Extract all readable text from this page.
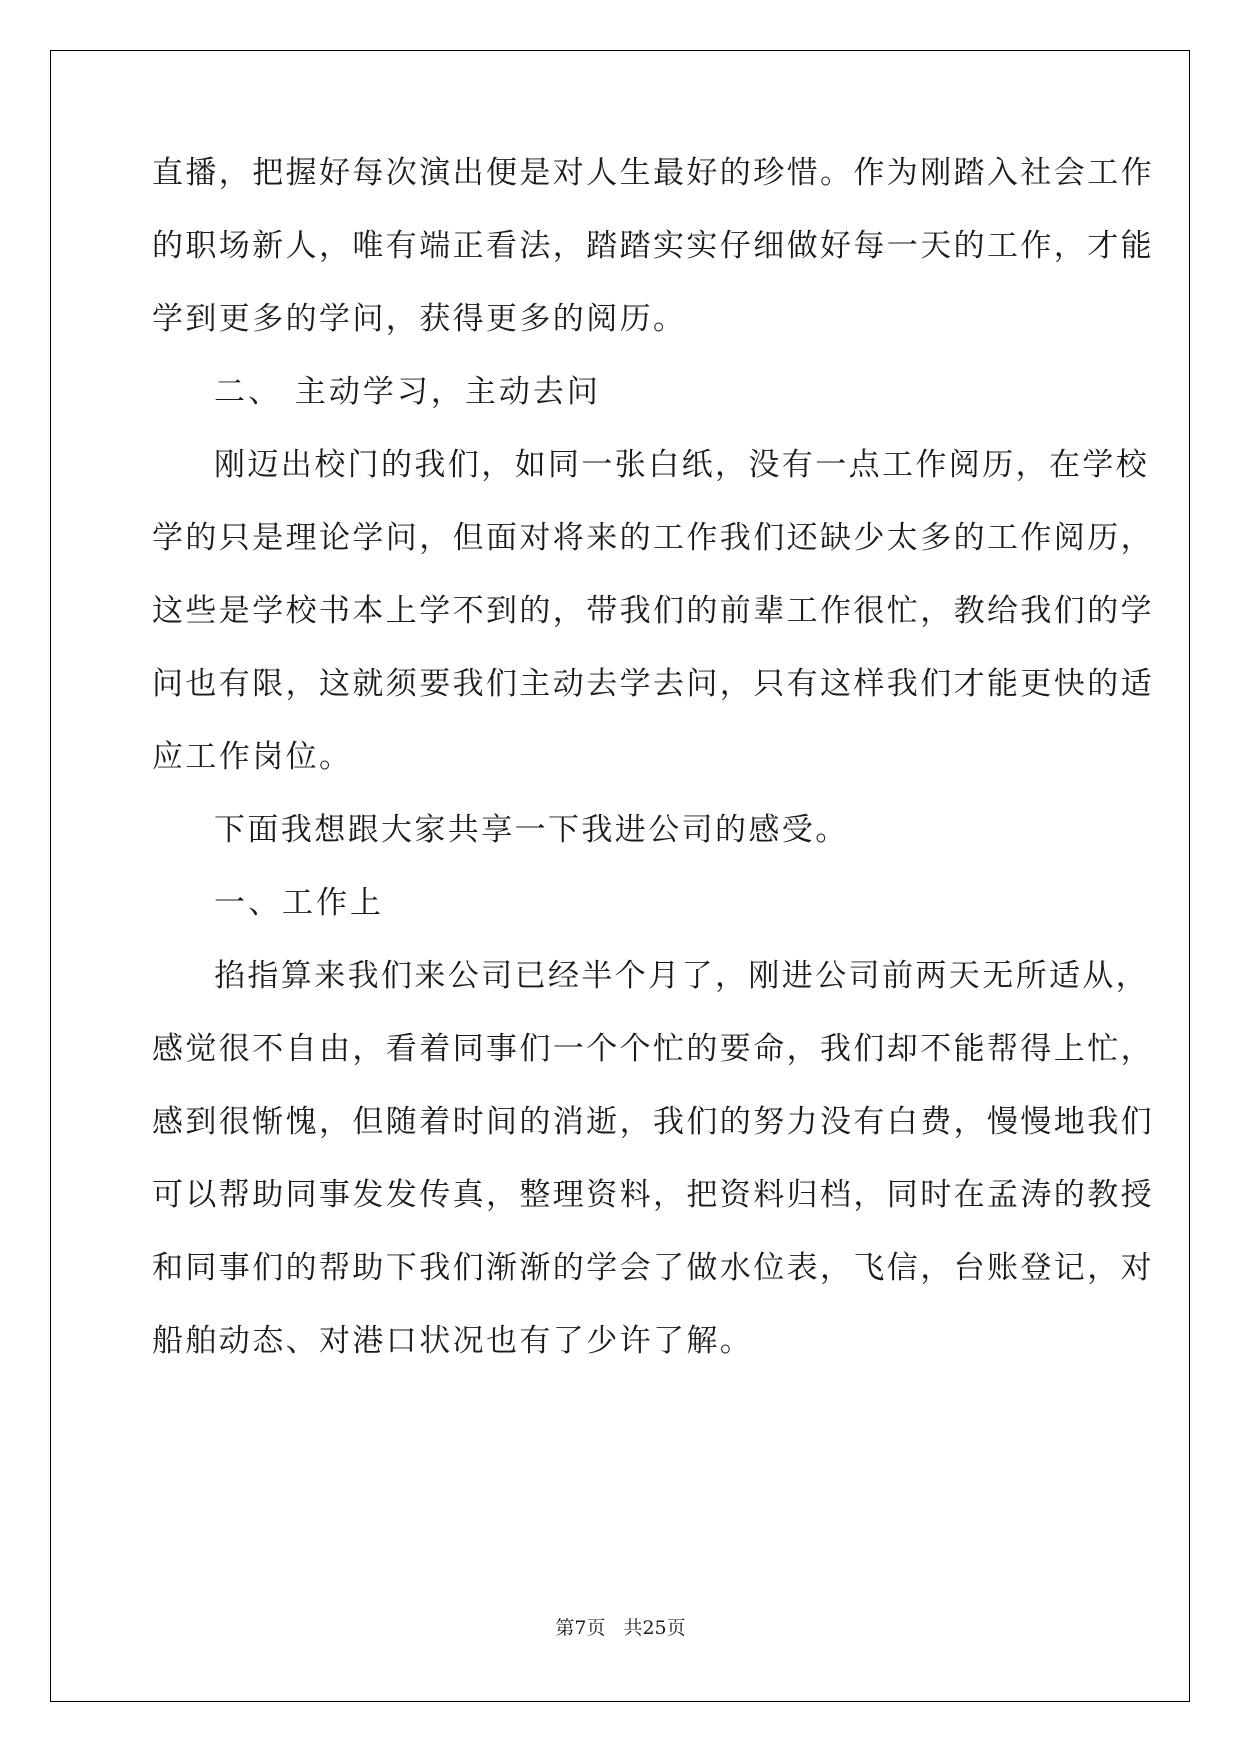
直播，把握好每次演出便是对人生最好的珍惜。作为刚踏入社会工作
的职场新人，唯有端正看法，踏踏实实仔细做好每一天的工作，才能
学到更多的学问，获得更多的阅历。
二、 主动学习，主动去问
刚迈出校门的我们，如同一张白纸，没有一点工作阅历，在学校
学的只是理论学问，但面对将来的工作我们还缺少太多的工作阅历，
这些是学校书本上学不到的，带我们的前辈工作很忙，教给我们的学
问也有限，这就须要我们主动去学去问，只有这样我们才能更快的适
应工作岗位。
下面我想跟大家共享一下我进公司的感受。
一、工作上
掐指算来我们来公司已经半个月了，刚进公司前两天无所适从，
感觉很不自由，看着同事们一个个忙的要命，我们却不能帮得上忙，
感到很惭愧，但随着时间的消逝，我们的努力没有白费，慢慢地我们
可以帮助同事发发传真，整理资料，把资料归档，同时在孟涛的教授
和同事们的帮助下我们渐渐的学会了做水位表，飞信，台账登记，对
船舶动态、对港口状况也有了少许了解。
第7页 共25页
